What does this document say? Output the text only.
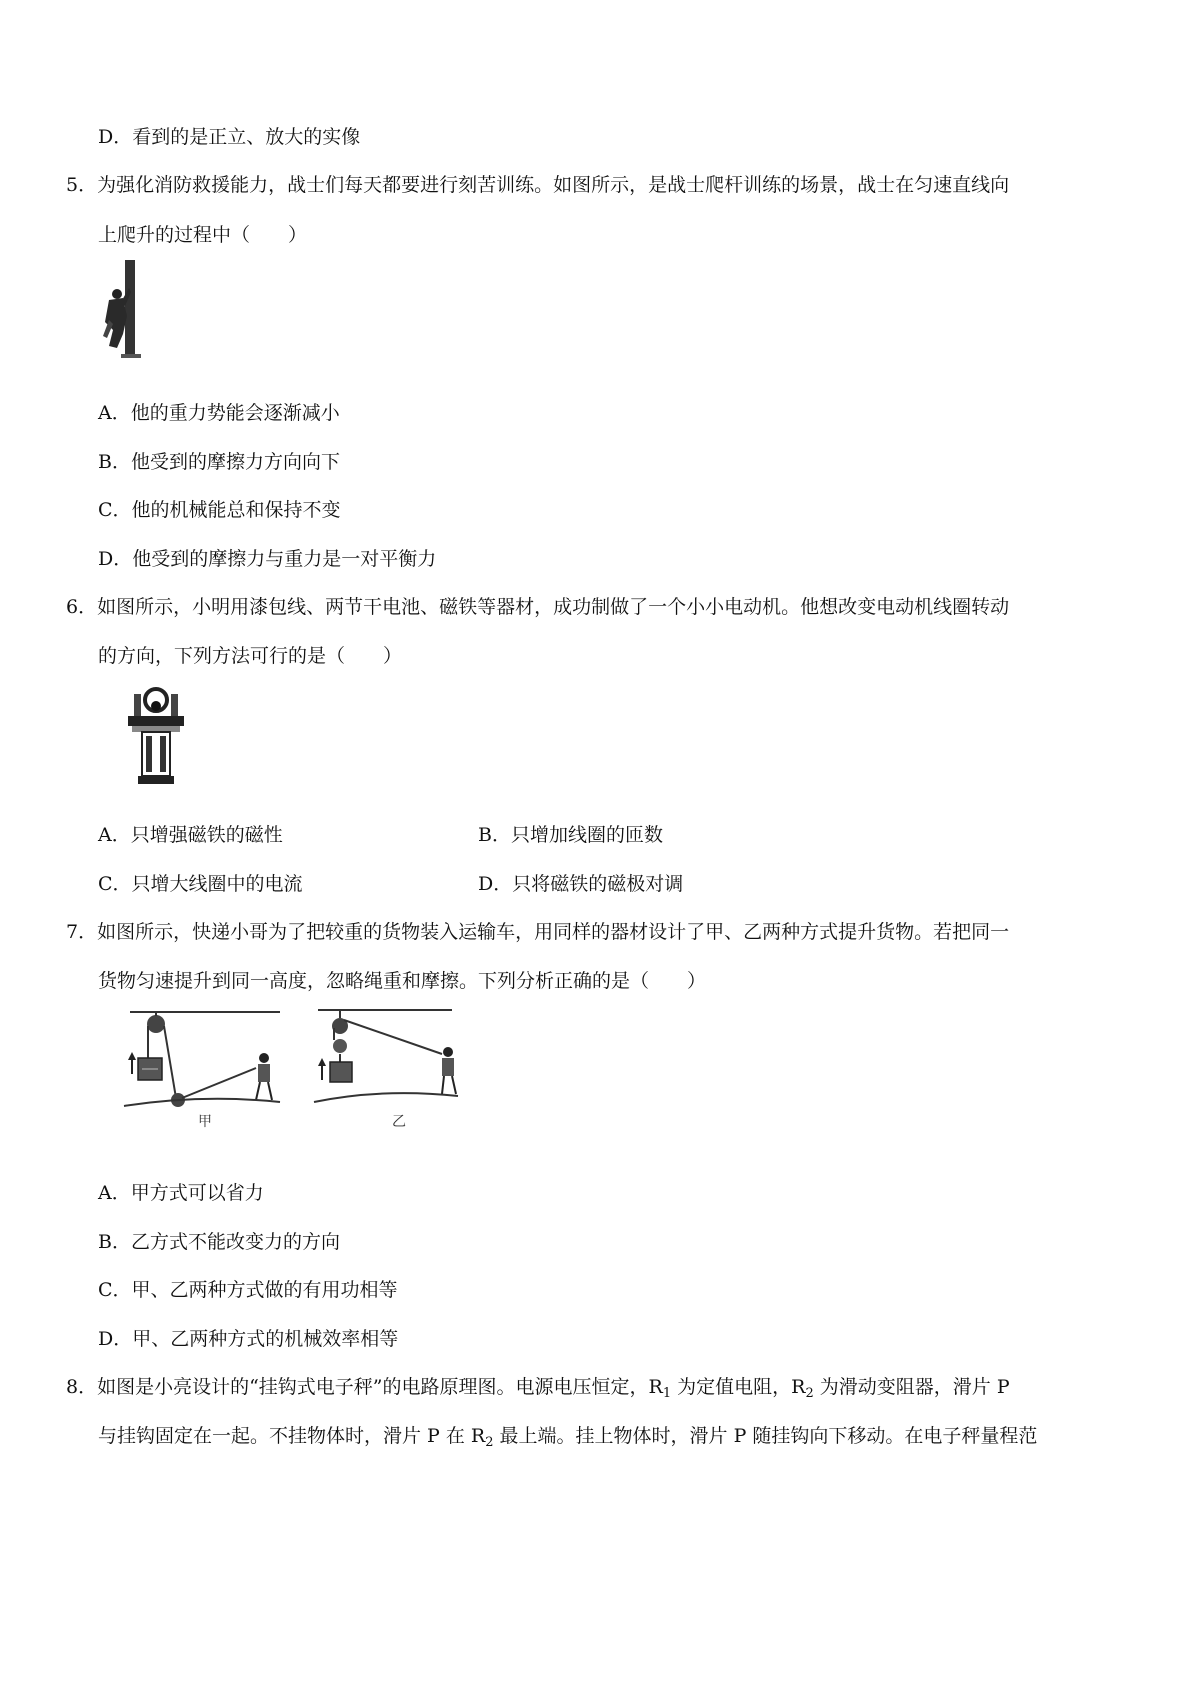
D．看到的是正立、放大的实像
5．为强化消防救援能力，战士们每天都要进行刻苦训练。如图所示，是战士爬杆训练的场景，战士在匀速直线向
上爬升的过程中（　　）
A．他的重力势能会逐渐减小
B．他受到的摩擦力方向向下
C．他的机械能总和保持不变
D．他受到的摩擦力与重力是一对平衡力
6．如图所示，小明用漆包线、两节干电池、磁铁等器材，成功制做了一个小小电动机。他想改变电动机线圈转动
的方向，下列方法可行的是（　　）
A．只增强磁铁的磁性	B．只增加线圈的匝数
C．只增大线圈中的电流	D．只将磁铁的磁极对调
7．如图所示，快递小哥为了把较重的货物装入运输车，用同样的器材设计了甲、乙两种方式提升货物。若把同一
货物匀速提升到同一高度，忽略绳重和摩擦。下列分析正确的是（　　）
甲	乙
A．甲方式可以省力
B．乙方式不能改变力的方向
C．甲、乙两种方式做的有用功相等
D．甲、乙两种方式的机械效率相等
8．如图是小亮设计的“挂钩式电子秤”的电路原理图。电源电压恒定，$R_1$ 为定值电阻，$R_2$ 为滑动变阻器，滑片 P
与挂钩固定在一起。不挂物体时，滑片 P 在 $R_2$ 最上端。挂上物体时，滑片 P 随挂钩向下移动。在电子秤量程范
